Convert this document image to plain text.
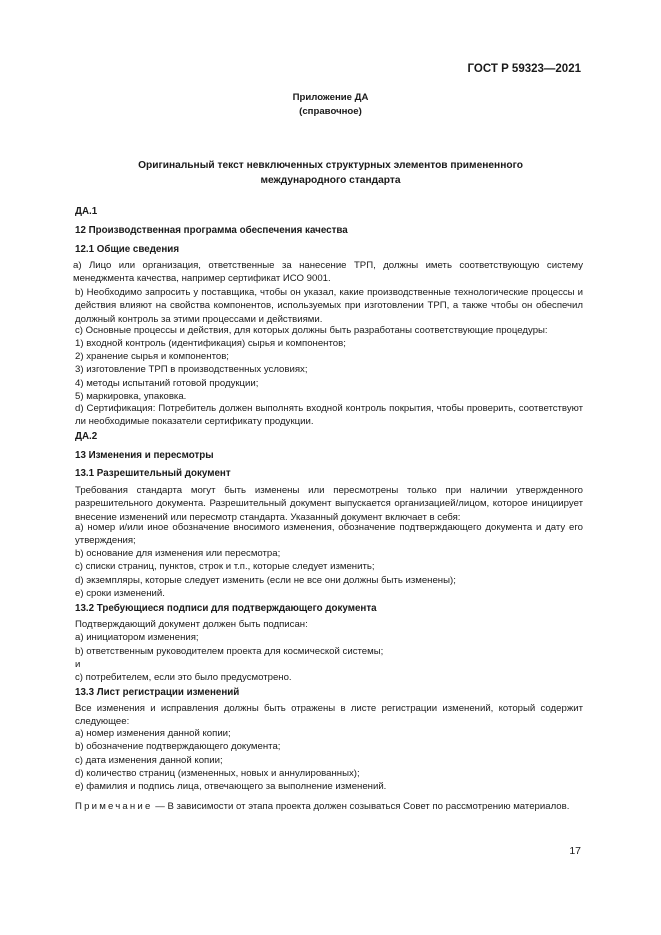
ГОСТ Р 59323—2021
Приложение ДА
(справочное)
Оригинальный текст невключенных структурных элементов примененного
международного стандарта
ДА.1
12 Производственная программа обеспечения качества
12.1 Общие сведения
а) Лицо или организация, ответственные за нанесение ТРП, должны иметь соответствующую систему менеджмента качества, например сертификат ИСО 9001.
b) Необходимо запросить у поставщика, чтобы он указал, какие производственные технологические процессы и действия влияют на свойства компонентов, используемых при изготовлении ТРП, а также чтобы он обеспечил должный контроль за этими процессами и действиями.
c) Основные процессы и действия, для которых должны быть разработаны соответствующие процедуры:
1) входной контроль (идентификация) сырья и компонентов;
2) хранение сырья и компонентов;
3) изготовление ТРП в производственных условиях;
4) методы испытаний готовой продукции;
5) маркировка, упаковка.
d) Сертификация: Потребитель должен выполнять входной контроль покрытия, чтобы проверить, соответствуют ли необходимые показатели сертификату продукции.
ДА.2
13 Изменения и пересмотры
13.1 Разрешительный документ
Требования стандарта могут быть изменены или пересмотрены только при наличии утвержденного разрешительного документа. Разрешительный документ выпускается организацией/лицом, которое инициирует внесение изменений или пересмотр стандарта. Указанный документ включает в себя:
a) номер и/или иное обозначение вносимого изменения, обозначение подтверждающего документа и дату его утверждения;
b) основание для изменения или пересмотра;
c) списки страниц, пунктов, строк и т.п., которые следует изменить;
d) экземпляры, которые следует изменить (если не все они должны быть изменены);
e) сроки изменений.
13.2 Требующиеся подписи для подтверждающего документа
Подтверждающий документ должен быть подписан:
a) инициатором изменения;
b) ответственным руководителем проекта для космической системы;
и
c) потребителем, если это было предусмотрено.
13.3 Лист регистрации изменений
Все изменения и исправления должны быть отражены в листе регистрации изменений, который содержит следующее:
a) номер изменения данной копии;
b) обозначение подтверждающего документа;
c) дата изменения данной копии;
d) количество страниц (измененных, новых и аннулированных);
e) фамилия и подпись лица, отвечающего за выполнение изменений.
Примечание — В зависимости от этапа проекта должен созываться Совет по рассмотрению материалов.
17
